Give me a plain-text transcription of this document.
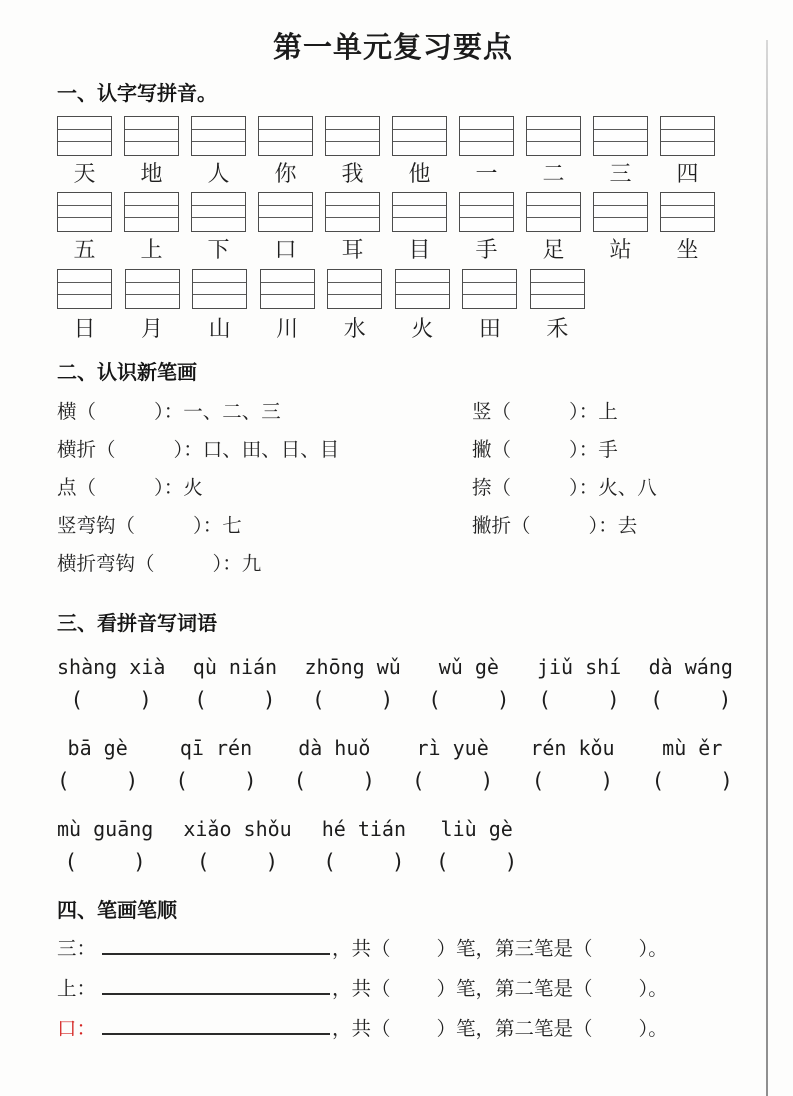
第一单元复习要点
一、认字写拼音。
天	地	人	你	我	他	一	二	三	四
五	上	下	口	耳	目	手	足	站	坐
日	月	山	川	水	火	田	禾
二、认识新笔画
横（	）：一、二、三
横折（	）：口、田、日、目
点（	）：火
竖弯钩（	）：七
横折弯钩（	）：九
竖（	）：上
撇（	）：手
捺（	）：火、八
撇折（	）：去
三、看拼音写词语
shàng xià
(	)
qù nián
(	)
zhōng wǔ
(	)
wǔ gè
(	)
jiǔ shí
(	)
dà wáng
(	)
bā gè
(	)
qī rén
(	)
dà huǒ
(	)
rì yuè
(	)
rén kǒu
(	)
mù ěr
(	)
mù guāng
(	)
xiǎo shǒu
(	)
hé tián
(	)
liù gè
(	)
四、笔画笔顺
三：	，共（ ）笔，第三笔是（ ）。
上：	，共（ ）笔，第二笔是（ ）。
口：	，共（ ）笔，第二笔是（ ）。
